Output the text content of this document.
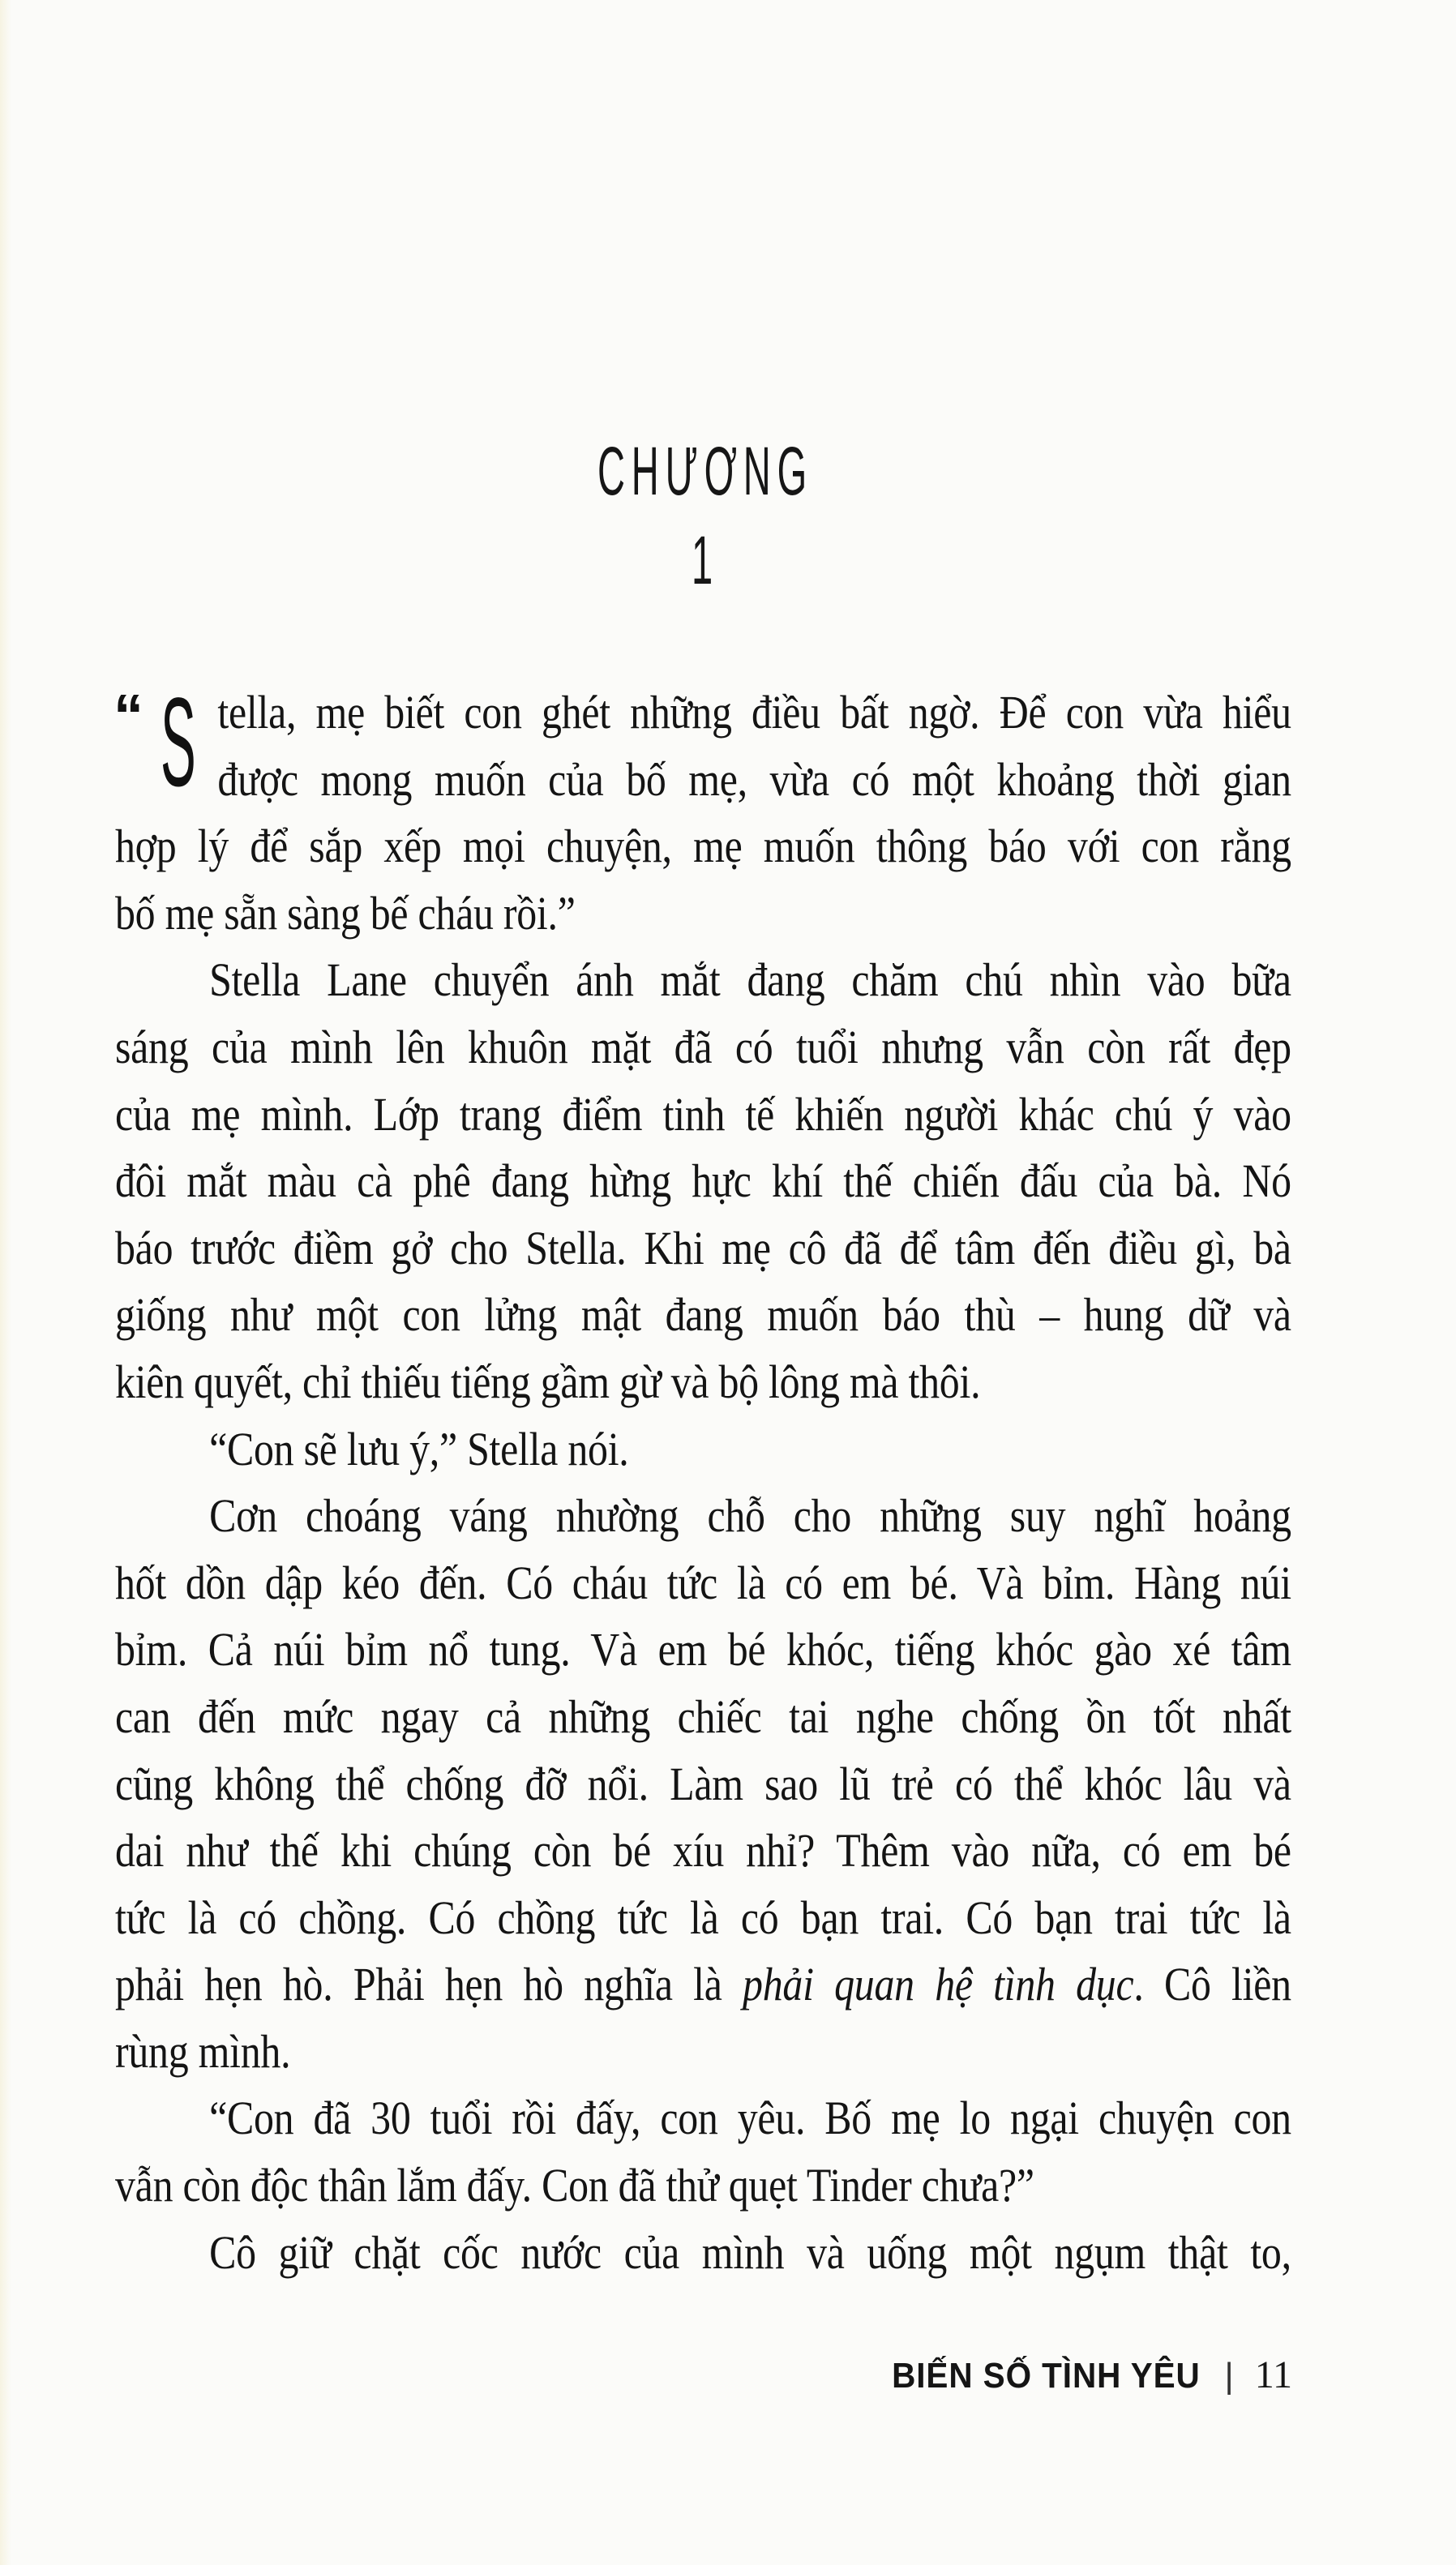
CHƯƠNG 1
“ S tella, mẹ biết con ghét những điều bất ngờ. Để con vừa hiểu
được mong muốn của bố mẹ, vừa có một khoảng thời gian
hợp lý để sắp xếp mọi chuyện, mẹ muốn thông báo với con rằng
bố mẹ sẵn sàng bế cháu rồi.”
Stella Lane chuyển ánh mắt đang chăm chú nhìn vào bữa
sáng của mình lên khuôn mặt đã có tuổi nhưng vẫn còn rất đẹp
của mẹ mình. Lớp trang điểm tinh tế khiến người khác chú ý vào
đôi mắt màu cà phê đang hừng hực khí thế chiến đấu của bà. Nó
báo trước điềm gở cho Stella. Khi mẹ cô đã để tâm đến điều gì, bà
giống như một con lửng mật đang muốn báo thù – hung dữ và
kiên quyết, chỉ thiếu tiếng gầm gừ và bộ lông mà thôi.
“Con sẽ lưu ý,” Stella nói.
Cơn choáng váng nhường chỗ cho những suy nghĩ hoảng
hốt dồn dập kéo đến. Có cháu tức là có em bé. Và bỉm. Hàng núi
bỉm. Cả núi bỉm nổ tung. Và em bé khóc, tiếng khóc gào xé tâm
can đến mức ngay cả những chiếc tai nghe chống ồn tốt nhất
cũng không thể chống đỡ nổi. Làm sao lũ trẻ có thể khóc lâu và
dai như thế khi chúng còn bé xíu nhỉ? Thêm vào nữa, có em bé
tức là có chồng. Có chồng tức là có bạn trai. Có bạn trai tức là
phải hẹn hò. Phải hẹn hò nghĩa là phải quan hệ tình dục. Cô liền
rùng mình.
“Con đã 30 tuổi rồi đấy, con yêu. Bố mẹ lo ngại chuyện con
vẫn còn độc thân lắm đấy. Con đã thử quẹt Tinder chưa?”
Cô giữ chặt cốc nước của mình và uống một ngụm thật to,
BIẾN SỐ TÌNH YÊU | 11
